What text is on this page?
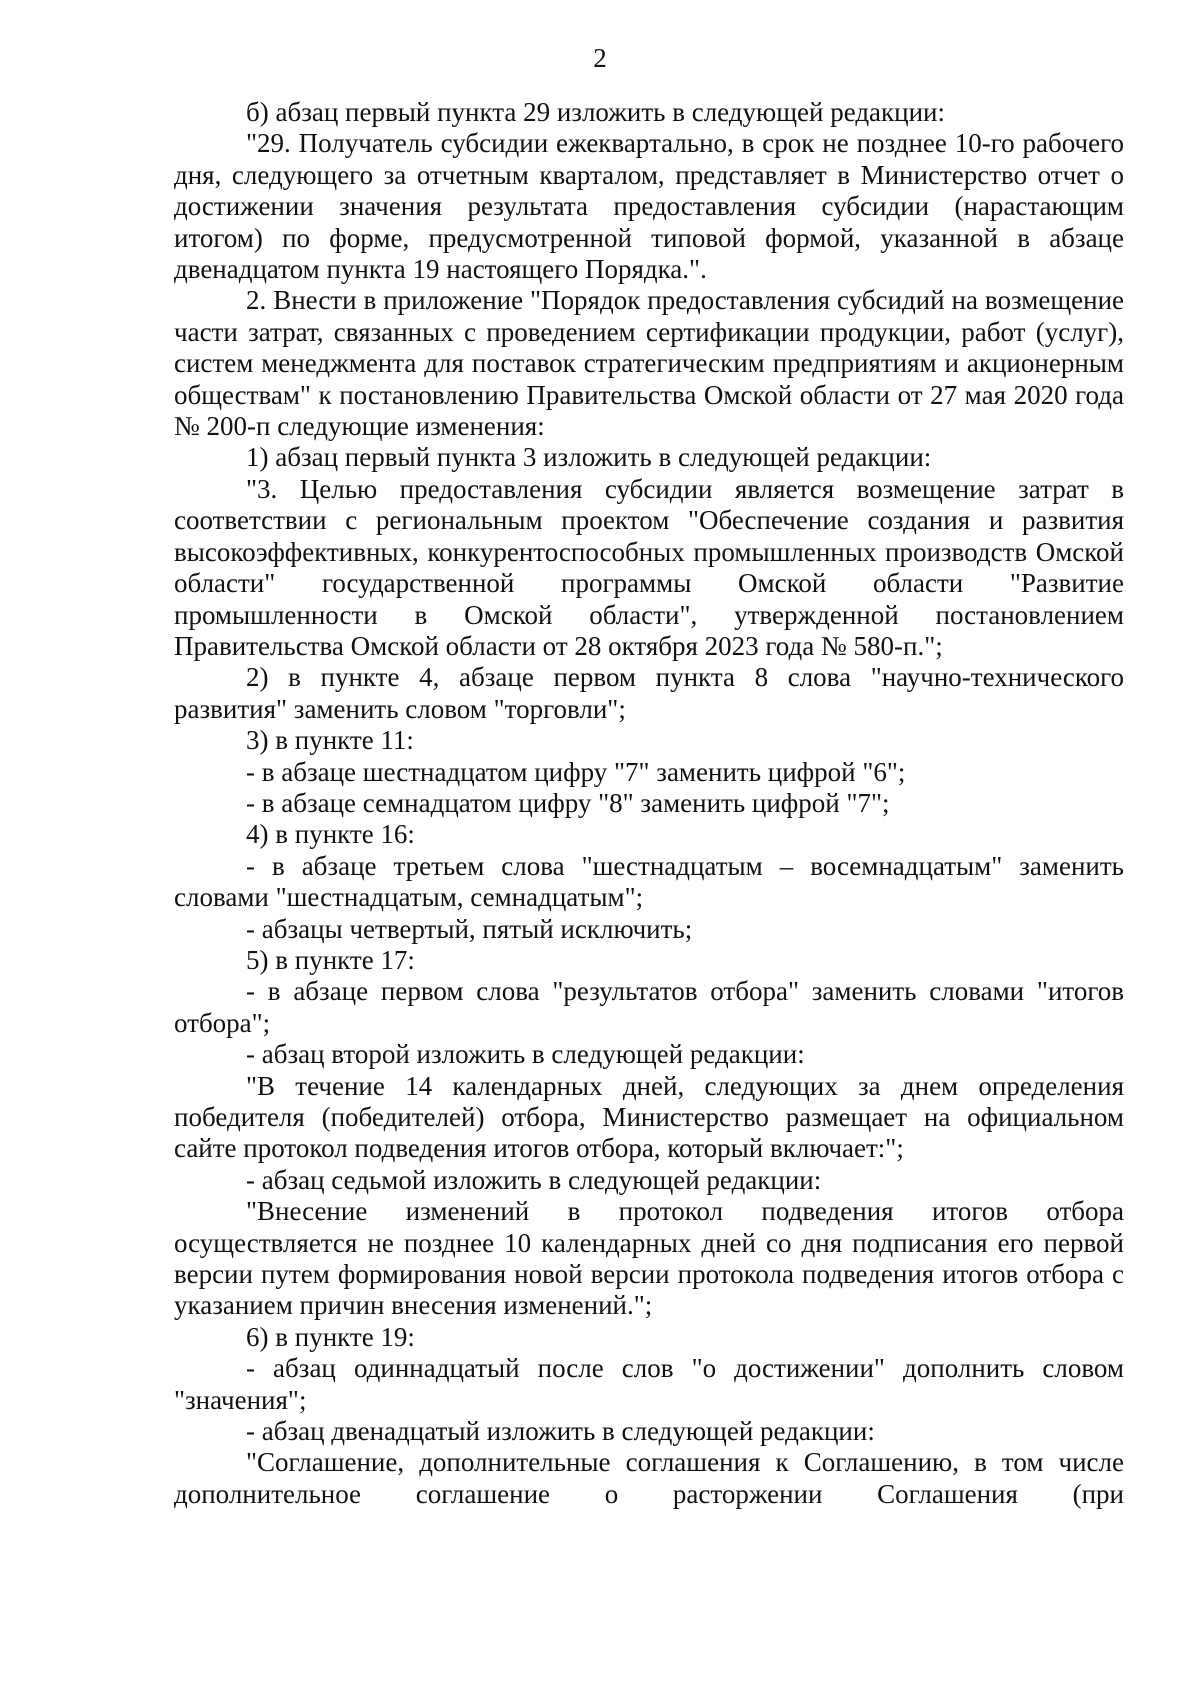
2

б) абзац первый пункта 29 изложить в следующей редакции:

"29. Получатель субсидии ежеквартально, в срок не позднее 10-го рабочего дня, следующего за отчетным кварталом, представляет в Министерство отчет о достижении значения результата предоставления субсидии (нарастающим итогом) по форме, предусмотренной типовой формой, указанной в абзаце двенадцатом пункта 19 настоящего Порядка.".

2. Внести в приложение "Порядок предоставления субсидий на возмещение части затрат, связанных с проведением сертификации продукции, работ (услуг), систем менеджмента для поставок стратегическим предприятиям и акционерным обществам" к постановлению Правительства Омской области от 27 мая 2020 года № 200-п следующие изменения:

1) абзац первый пункта 3 изложить в следующей редакции:

"3. Целью предоставления субсидии является возмещение затрат в соответствии с региональным проектом "Обеспечение создания и развития высокоэффективных, конкурентоспособных промышленных производств Омской области" государственной программы Омской области "Развитие промышленности в Омской области", утвержденной постановлением Правительства Омской области от 28 октября 2023 года № 580-п.";

2) в пункте 4, абзаце первом пункта 8 слова "научно-технического развития" заменить словом "торговли";

3) в пункте 11:

- в абзаце шестнадцатом цифру "7" заменить цифрой "6";

- в абзаце семнадцатом цифру "8" заменить цифрой "7";

4) в пункте 16:

- в абзаце третьем слова "шестнадцатым – восемнадцатым" заменить словами "шестнадцатым, семнадцатым";

- абзацы четвертый, пятый исключить;

5) в пункте 17:

- в абзаце первом слова "результатов отбора" заменить словами "итогов отбора";

- абзац второй изложить в следующей редакции:

"В течение 14 календарных дней, следующих за днем определения победителя (победителей) отбора, Министерство размещает на официальном сайте протокол подведения итогов отбора, который включает:";

- абзац седьмой изложить в следующей редакции:

"Внесение изменений в протокол подведения итогов отбора осуществляется не позднее 10 календарных дней со дня подписания его первой версии путем формирования новой версии протокола подведения итогов отбора с указанием причин внесения изменений.";

6) в пункте 19:

- абзац одиннадцатый после слов "о достижении" дополнить словом "значения";

- абзац двенадцатый изложить в следующей редакции:

"Соглашение, дополнительные соглашения к Соглашению, в том числе дополнительное соглашение о расторжении Соглашения (при
